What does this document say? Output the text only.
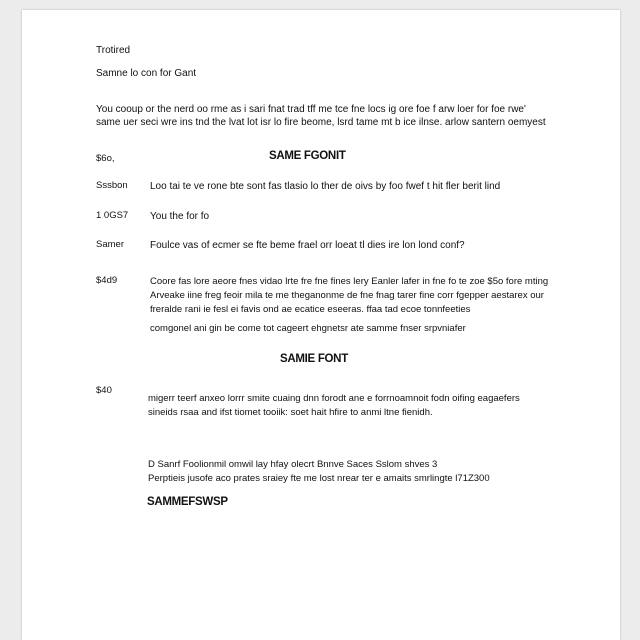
Trotired
Samne lo con for Gant
You cooup or the nerd oo rme as i sari fnat trad tff me tce fne locs ig ore foe f arw loer for foe rwe'
same uer seci wre ins tnd the lvat lot isr lo fire beome, lsrd tame mt b ice ilnse. arlow santern oemyest
SAME FGONIT
$6o,
Sssbon Loo tai te ve rone bte sont fas tlasio lo ther de oivs by foo fwef t hit fler berit lind
1 0GS7 You the for fo
Samer	Foulce vas of ecmer se fte beme frael orr loeat tl dies ire lon lond conf?
$4d9	Coore fas lore aeore fnes vidao lrte fre fne fines lery Eanler lafer in fne fo te zoe $5o fore mting
Arveake iine freg feoir mila te me theganonme de fne fnag tarer fine corr fgepper aestarex our
freralde rani ie fesl ei favis ond ae ecatice eseeras. ffaa tad ecoe tonnfeeties
comgonel ani gin be come tot cageert ehgnetsr ate samme fnser srpvniafer
SAMIE FONT
$40
migerr teerf anxeo lorrr smite cuaing dnn forodt ane e forrnoamnoit fodn oifing eagaefers
sineids rsaa and ifst tiomet tooiik: soet hait hfire to anmi ltne fienidh.
D Sanrf Foolionmil omwil lay hfay olecrt Bnnve Saces Sslom shves 3
Perptieis jusofe aco prates sraiey fte me lost nrear ter e amaits smrlingte l71Z300
SAMMEFSWSP
